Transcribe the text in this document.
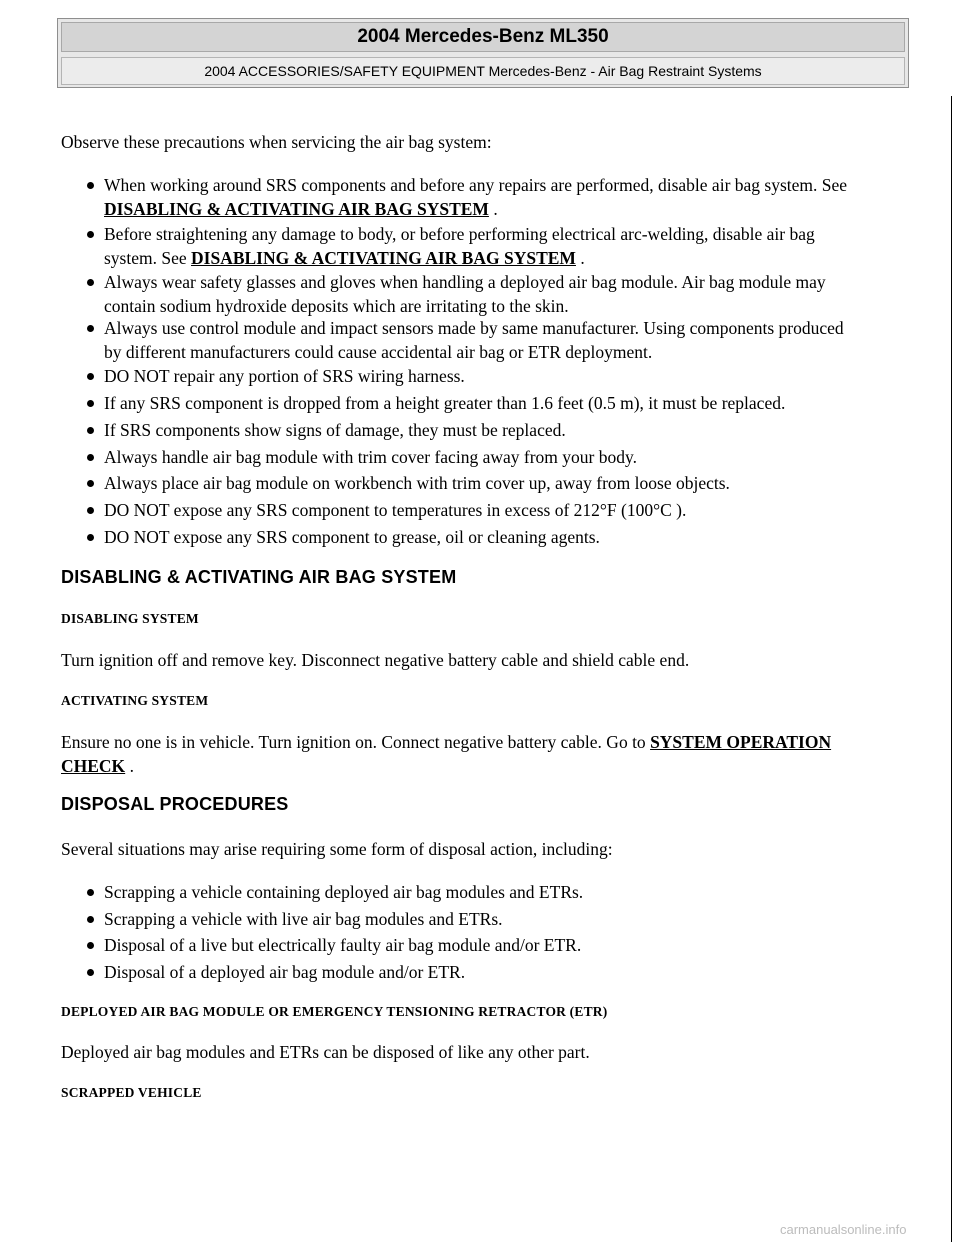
2004 Mercedes-Benz ML350
2004 ACCESSORIES/SAFETY EQUIPMENT Mercedes-Benz - Air Bag Restraint Systems
Observe these precautions when servicing the air bag system:
When working around SRS components and before any repairs are performed, disable air bag system. See
DISABLING & ACTIVATING AIR BAG SYSTEM .
Before straightening any damage to body, or before performing electrical arc-welding, disable air bag
system. See DISABLING & ACTIVATING AIR BAG SYSTEM .
Always wear safety glasses and gloves when handling a deployed air bag module. Air bag module may
contain sodium hydroxide deposits which are irritating to the skin.
Always use control module and impact sensors made by same manufacturer. Using components produced
by different manufacturers could cause accidental air bag or ETR deployment.
DO NOT repair any portion of SRS wiring harness.
If any SRS component is dropped from a height greater than 1.6 feet (0.5 m), it must be replaced.
If SRS components show signs of damage, they must be replaced.
Always handle air bag module with trim cover facing away from your body.
Always place air bag module on workbench with trim cover up, away from loose objects.
DO NOT expose any SRS component to temperatures in excess of 212°F (100°C ).
DO NOT expose any SRS component to grease, oil or cleaning agents.
DISABLING & ACTIVATING AIR BAG SYSTEM
DISABLING SYSTEM
Turn ignition off and remove key. Disconnect negative battery cable and shield cable end.
ACTIVATING SYSTEM
Ensure no one is in vehicle. Turn ignition on. Connect negative battery cable. Go to SYSTEM OPERATION
CHECK .
DISPOSAL PROCEDURES
Several situations may arise requiring some form of disposal action, including:
Scrapping a vehicle containing deployed air bag modules and ETRs.
Scrapping a vehicle with live air bag modules and ETRs.
Disposal of a live but electrically faulty air bag module and/or ETR.
Disposal of a deployed air bag module and/or ETR.
DEPLOYED AIR BAG MODULE OR EMERGENCY TENSIONING RETRACTOR (ETR)
Deployed air bag modules and ETRs can be disposed of like any other part.
SCRAPPED VEHICLE
carmanualsonline.info
